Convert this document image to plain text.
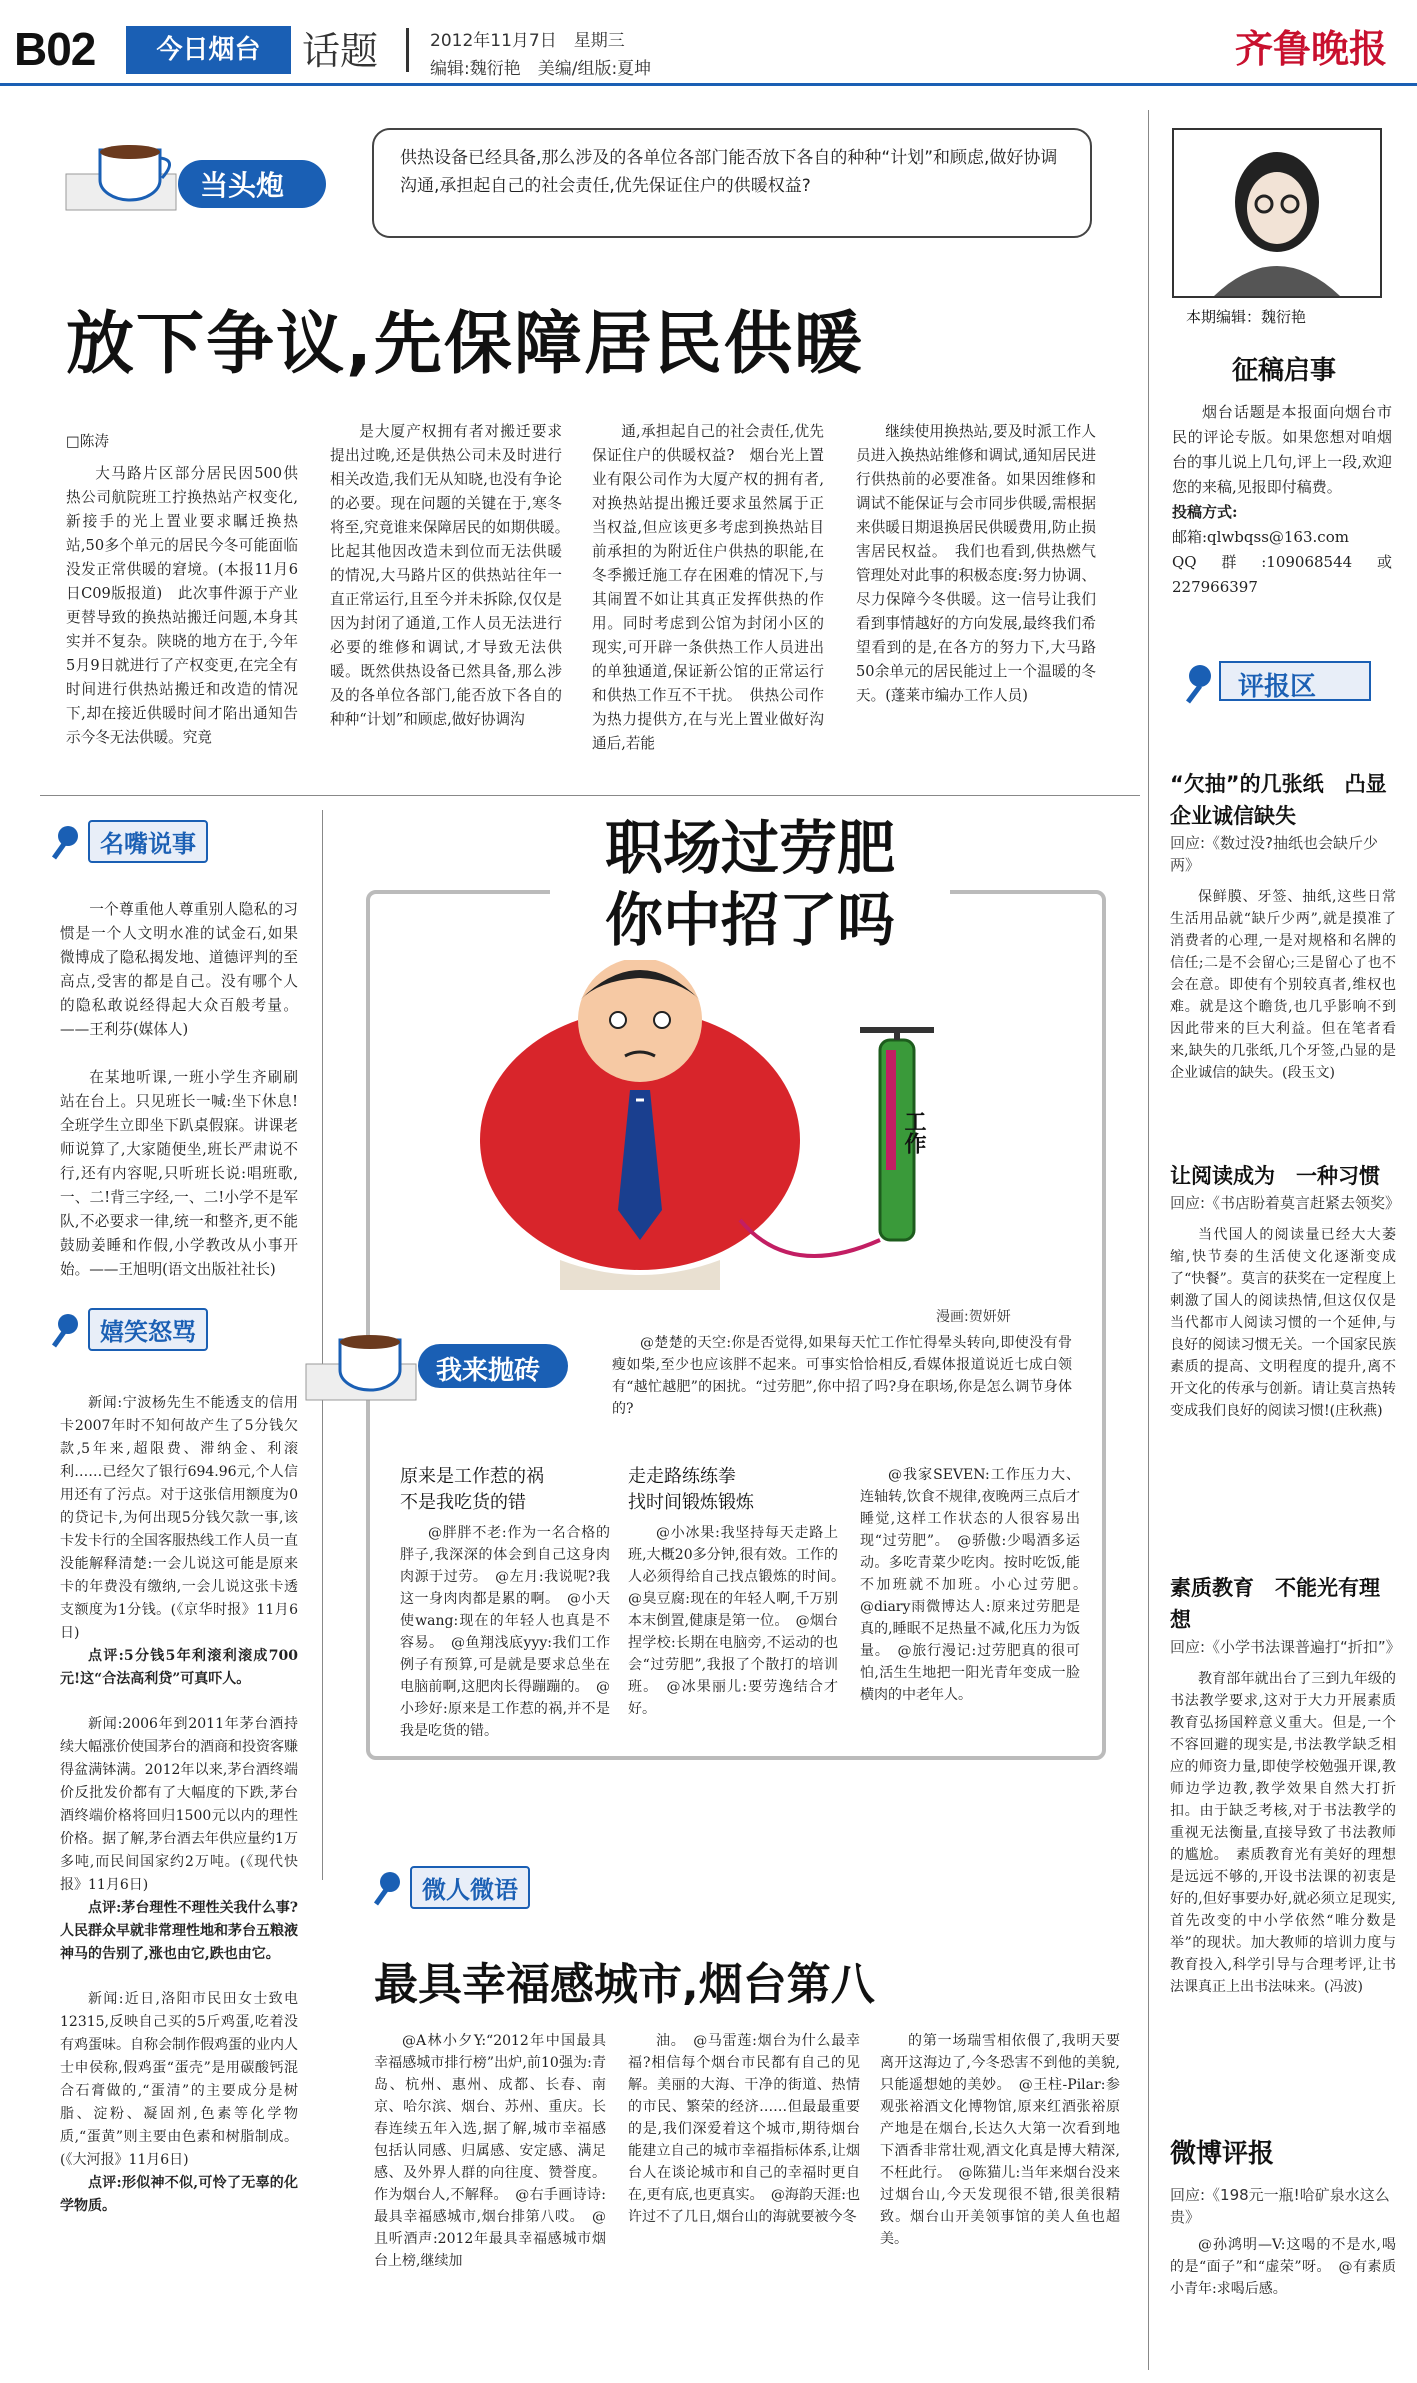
B02	今日烟台	话题	2012年11月7日　星期三
编辑:魏衍艳　美编/组版:夏坤	齐鲁晚报
当头炮
供热设备已经具备,那么涉及的各单位各部门能否放下各自的种种“计划”和顾虑,做好协调沟通,承担起自己的社会责任,优先保证住户的供暖权益?
放下争议,先保障居民供暖
□陈涛

大马路片区部分居民因500供热公司航院班工拧换热站产权变化,新接手的光上置业要求瞩迁换热站,50多个单元的居民今冬可能面临没发正常供暖的窘境。(本报11月6日C09版报道)　此次事件源于产业更替导致的换热站搬迁问题,本身其实并不复杂。陕晓的地方在于,今年5月9日就进行了产权变更,在完全有时间进行供热站搬迁和改造的情况下,却在接近供暖时间才陷出通知告示今冬无法供暖。究竟

是大厦产权拥有者对搬迁要求提出过晚,还是供热公司未及时进行相关改造,我们无从知晓,也没有争论的必要。现在问题的关键在于,寒冬将至,究竟谁来保障居民的如期供暖。　比起其他因改造未到位而无法供暖的情况,大马路片区的供热站往年一直正常运行,且至今并未拆除,仅仅是因为封闭了通道,工作人员无法进行必要的维修和调试,才导致无法供暖。既然供热设备已然具备,那么涉及的各单位各部门,能否放下各自的种种“计划”和顾虑,做好协调沟

通,承担起自己的社会责任,优先保证住户的供暖权益?　烟台光上置业有限公司作为大厦产权的拥有者,对换热站提出搬迁要求虽然属于正当权益,但应该更多考虑到换热站目前承担的为附近住户供热的职能,在冬季搬迁施工存在困难的情况下,与其闹置不如让其真正发挥供热的作用。同时考虑到公馆为封闭小区的现实,可开辟一条供热工作人员进出的单独通道,保证新公馆的正常运行和供热工作互不干扰。　供热公司作为热力提供方,在与光上置业做好沟通后,若能

继续使用换热站,要及时派工作人员进入换热站维修和调试,通知居民进行供热前的必要准备。如果因维修和调试不能保证与会市同步供暖,需根据来供暖日期退换居民供暖费用,防止损害居民权益。　我们也看到,供热燃气管理处对此事的积极态度:努力协调、尽力保障今冬供暖。这一信号让我们看到事情越好的方向发展,最终我们希望看到的是,在各方的努力下,大马路50余单元的居民能过上一个温暖的冬天。(蓬莱市编办工作人员)

本期编辑：魏衍艳
征稿启事

烟台话题是本报面向烟台市民的评论专版。如果您想对咱烟台的事儿说上几句,评上一段,欢迎您的来稿,见报即付稿费。

投稿方式:
邮箱:qlwbqss@163.com
QQ群:109068544或227966397
评报区
“欠抽”的几张纸　凸显企业诚信缺失
回应:《数过没?抽纸也会缺斤少两》

保鲜膜、牙签、抽纸,这些日常生活用品就“缺斤少两”,就是摸准了消费者的心理,一是对规格和名牌的信任;二是不会留心;三是留心了也不会在意。即使有个别较真者,维权也难。就是这个瞻货,也几乎影响不到因此带来的巨大利益。但在笔者看来,缺失的几张纸,几个牙签,凸显的是企业诚信的缺失。(段玉文)

让阅读成为　一种习惯
回应:《书店盼着莫言赶紧去领奖》

当代国人的阅读量已经大大萎缩,快节奏的生活使文化逐渐变成了“快餐”。莫言的获奖在一定程度上刺激了国人的阅读热情,但这仅仅是当代都市人阅读习惯的一个延伸,与良好的阅读习惯无关。一个国家民族素质的提高、文明程度的提升,离不开文化的传承与创新。请让莫言热转变成我们良好的阅读习惯!(庄秋燕)

素质教育　不能光有理想
回应:《小学书法课普遍打“折扣”》

教育部年就出台了三到九年级的书法教学要求,这对于大力开展素质教育弘扬国粹意义重大。但是,一个不容回避的现实是,书法教学缺乏相应的师资力量,即使学校勉强开课,教师边学边教,教学效果自然大打折扣。由于缺乏考核,对于书法教学的重视无法衡量,直接导致了书法教师的尴尬。　素质教育光有美好的理想是远远不够的,开设书法课的初衷是好的,但好事要办好,就必须立足现实,首先改变的中小学依然“唯分数是举”的现状。加大教师的培训力度与教育投入,科学引导与合理考评,让书法课真正上出书法味来。(冯波)

微博评报
回应:《198元一瓶!哈矿泉水这么贵》

@孙鸿明—V:这喝的不是水,喝的是“面子”和“虚荣”呀。　@有素质小青年:求喝后感。

名嘴说事

一个尊重他人尊重别人隐私的习惯是一个人文明水准的试金石,如果微博成了隐私揭发地、道德评判的至高点,受害的都是自己。没有哪个人的隐私敢说经得起大众百般考量。——王利芬(媒体人)

在某地听课,一班小学生齐刷刷站在台上。只见班长一喊:坐下休息!全班学生立即坐下趴桌假寐。讲课老师说算了,大家随便坐,班长严肃说不行,还有内容呢,只听班长说:唱班歌,一、二!背三字经,一、二!小学不是军队,不必要求一律,统一和整齐,更不能鼓励姜睡和作假,小学教改从小事开始。——王旭明(语文出版社社长)

嬉笑怒骂

新闻:宁波杨先生不能透支的信用卡2007年时不知何故产生了5分钱欠款,5年来,超限费、滞纳金、利滚利……已经欠了银行694.96元,个人信用还有了污点。对于这张信用额度为0的贷记卡,为何出现5分钱欠款一事,该卡发卡行的全国客服热线工作人员一直没能解释清楚:一会儿说这可能是原来卡的年费没有缴纳,一会儿说这张卡透支额度为1分钱。(《京华时报》11月6日)

点评:5分钱5年利滚利滚成700元!这“合法高利贷”可真吓人。

新闻:2006年到2011年茅台酒持续大幅涨价使国茅台的酒商和投资客赚得盆满钵满。2012年以来,茅台酒终端价反批发价都有了大幅度的下跌,茅台酒终端价格将回归1500元以内的理性价格。据了解,茅台酒去年供应量约1万多吨,而民间国家约2万吨。(《现代快报》11月6日)

点评:茅台理性不理性关我什么事?人民群众早就非常理性地和茅台五粮液神马的告别了,涨也由它,跌也由它。

新闻:近日,洛阳市民田女士致电12315,反映自己买的5斤鸡蛋,吃着没有鸡蛋味。自称会制作假鸡蛋的业内人士申侯称,假鸡蛋“蛋壳”是用碳酸钙混合石膏做的,“蛋清”的主要成分是树脂、淀粉、凝固剂,色素等化学物质,“蛋黄”则主要由色素和树脂制成。(《大河报》11月6日)

点评:形似神不似,可怜了无辜的化学物质。

职场过劳肥
你中招了吗
工作
漫画:贺妍妍
我来抛砖

@楚楚的天空:你是否觉得,如果每天忙工作忙得晕头转向,即使没有骨瘦如柴,至少也应该胖不起来。可事实恰恰相反,看媒体报道说近七成白领有“越忙越肥”的困扰。“过劳肥”,你中招了吗?身在职场,你是怎么调节身体的?

原来是工作惹的祸
不是我吃货的错

@胖胖不老:作为一名合格的胖子,我深深的体会到自己这身肉肉源于过劳。　@左月:我说呢?我这一身肉肉都是累的啊。　@小天使wang:现在的年轻人也真是不容易。　@鱼翔浅底yyy:我们工作例子有预算,可是就是要求总坐在电脑前啊,这肥肉长得蹦蹦的。　@小珍好:原来是工作惹的祸,并不是我是吃货的错。

走走路练练拳
找时间锻炼锻炼

@小冰果:我坚持每天走路上班,大概20多分钟,很有效。工作的人必须得给自己找点锻炼的时间。　@臭豆腐:现在的年轻人啊,千万别本末倒置,健康是第一位。　@烟台捏学校:长期在电脑旁,不运动的也会“过劳肥”,我报了个散打的培训班。　@冰果丽儿:要劳逸结合才好。

@我家SEVEN:工作压力大、连轴转,饮食不规律,夜晚两三点后才睡觉,这样工作状态的人很容易出现“过劳肥”。　@骄傲:少喝酒多运动。多吃青菜少吃肉。按时吃饭,能不加班就不加班。小心过劳肥。　@diary雨微博达人:原来过劳肥是真的,睡眠不足热量不减,化压力为饭量。　@旅行漫记:过劳肥真的很可怕,活生生地把一阳光青年变成一脸横肉的中老年人。

微人微语
最具幸福感城市,烟台第八

@A林小夕Y:“2012年中国最具幸福感城市排行榜”出炉,前10强为:青岛、杭州、惠州、成都、长春、南京、哈尔滨、烟台、苏州、重庆。长春连续五年入选,据了解,城市幸福感包括认同感、归属感、安定感、满足感、及外界人群的向往度、赞誉度。作为烟台人,不解释。　@右手画诗诗:最具幸福感城市,烟台排第八哎。　@且听酒声:2012年最具幸福感城市烟台上榜,继续加

油。　@马雷莲:烟台为什么最幸福?相信每个烟台市民都有自己的见解。美丽的大海、干净的街道、热情的市民、繁荣的经济……但最最重要的是,我们深爱着这个城市,期待烟台能建立自己的城市幸福指标体系,让烟台人在谈论城市和自己的幸福时更自在,更有底,也更真实。　@海韵天涯:也许过不了几日,烟台山的海就要被今冬

的第一场瑞雪相依偎了,我明天要离开这海边了,今冬恐害不到他的美貌,只能遥想她的美妙。　@王柱-Pilar:参观张裕酒文化博物馆,原来红酒张裕原产地是在烟台,长达久大第一次看到地下酒香非常壮观,酒文化真是博大精深,不枉此行。　@陈猫儿:当年来烟台没来过烟台山,今天发现很不错,很美很精致。烟台山开美领事馆的美人鱼也超美。
